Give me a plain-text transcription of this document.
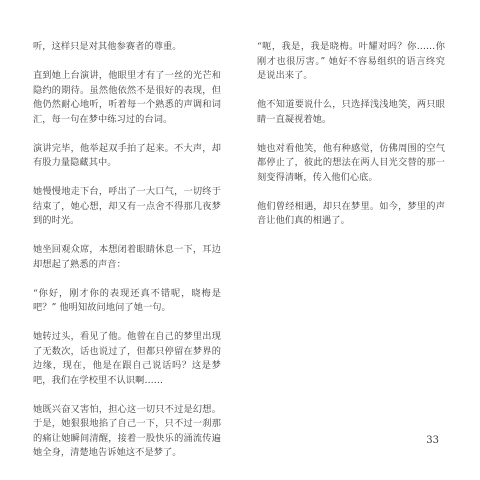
听，这样只是对其他参赛者的尊重。

直到她上台演讲，他眼里才有了一丝的光芒和隐约的期待。虽然他依然不是很好的表现，但他仍然耐心地听，听着每一个熟悉的声调和词汇，每一句在梦中练习过的台词。

演讲完毕，他举起双手拍了起来。不大声，却有股力量隐藏其中。

她慢慢地走下台，呼出了一大口气，一切终于结束了，她心想，却又有一点舍不得那几夜梦到的时光。

她坐回观众席，本想闭着眼睛休息一下，耳边却想起了熟悉的声音：

“你好，刚才你的表现还真不错呢，晓梅是吧？” 他明知故问地问了她一句。

她转过头，看见了他。他曾在自己的梦里出现了无数次，话也说过了，但都只停留在梦界的边缘，现在，他是在跟自己说话吗？这是梦吧，我们在学校里不认识啊……

她既兴奋又害怕，担心这一切只不过是幻想。于是，她狠狠地掐了自己一下，只不过一刹那的痛让她瞬间清醒，接着一股快乐的涌流传遍她全身，清楚地告诉她这不是梦了。

“呃，我是，我是晓梅。叶耀对吗？你……你刚才也很厉害。” 她好不容易组织的语言终究是说出来了。

他不知道要说什么，只选择浅浅地笑，两只眼睛一直凝视着她。

她也对看他笑，他有种感觉，仿佛周围的空气都停止了，彼此的想法在两人目光交替的那一刻变得清晰，传入他们心底。

他们曾经相遇，却只在梦里。如今，梦里的声音让他们真的相遇了。

33
